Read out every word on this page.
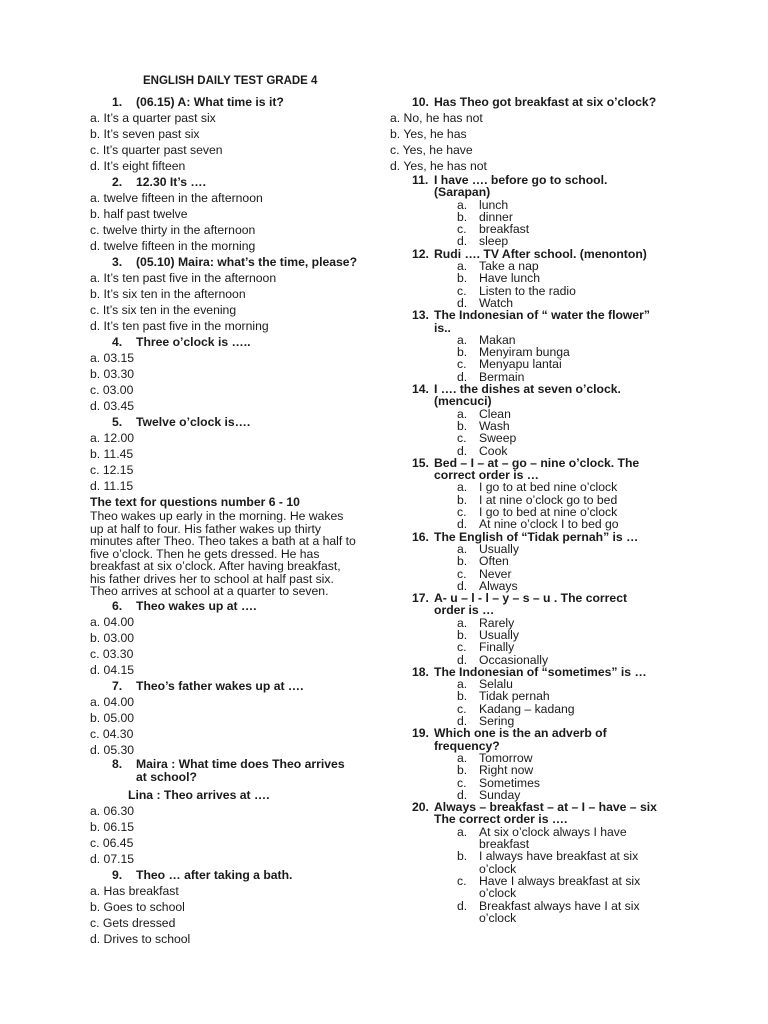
ENGLISH DAILY TEST GRADE 4

1. (06.15) A: What time is it?

a. It’s a quarter past six

b. It’s seven past six

c. It’s quarter past seven

d. It’s eight fifteen

2. 12.30 It’s ….

a. twelve fifteen in the afternoon

b. half past twelve

c. twelve thirty in the afternoon

d. twelve fifteen in the morning

3. (05.10) Maira: what’s the time, please?

a. It’s ten past five in the afternoon

b. It’s six ten in the afternoon

c. It’s six ten in the evening

d. It’s ten past five in the morning

4. Three o’clock is …..

a. 03.15

b. 03.30

c. 03.00

d. 03.45

5. Twelve o’clock is….

a. 12.00

b. 11.45

c. 12.15

d. 11.15

The text for questions number 6 - 10

Theo wakes up early in the morning. He wakes

up at half to four. His father wakes up thirty

minutes after Theo. Theo takes a bath at a half to

five o’clock. Then he gets dressed. He has

breakfast at six o’clock. After having breakfast,

his father drives her to school at half past six.

Theo arrives at school at a quarter to seven.

6. Theo wakes up at ….

a. 04.00

b. 03.00

c. 03.30

d. 04.15

7. Theo’s father wakes up at ….

a. 04.00

b. 05.00

c. 04.30

d. 05.30

8. Maira : What time does Theo arrives

at school?

Lina : Theo arrives at ….

a. 06.30

b. 06.15

c. 06.45

d. 07.15

9. Theo … after taking a bath.

a. Has breakfast

b. Goes to school

c. Gets dressed

d. Drives to school

10. Has Theo got breakfast at six o’clock?

a. No, he has not

b. Yes, he has

c. Yes, he have

d. Yes, he has not

11. I have …. before go to school.

(Sarapan)

a. lunch
b. dinner
c.	breakfast
d. sleep

12. Rudi …. TV After school. (menonton)

a. Take a nap
b. Have lunch
c.	Listen to the radio
d. Watch

13. The Indonesian of “ water the flower”

is..

a. Makan
b. Menyiram bunga
c.	Menyapu lantai
d. Bermain

14. I …. the dishes at seven o’clock.

(mencuci)

a. Clean
b. Wash
c.	Sweep
d. Cook

15. Bed – I – at – go – nine o’clock. The

correct order is …

a. I go to at bed nine o’clock
b. I at nine o’clock go to bed
c.	I go to bed at nine o’clock
d. At nine o’clock I to bed go

16. The English of “Tidak pernah” is …

a. Usually
b. Often
c.	Never
d. Always

17. A- u – l - l – y – s – u . The correct

order is …

a. Rarely
b. Usually
c.	Finally
d. Occasionally

18. The Indonesian of “sometimes” is …

a. Selalu
b. Tidak pernah
c.	Kadang – kadang
d. Sering

19. Which one is the an adverb of

frequency?

a. Tomorrow
b. Right now
c.	Sometimes
d. Sunday

20. Always – breakfast – at – I – have – six

The correct order is ….

a. At six o’clock always I have
breakfast
b. I always have breakfast at six
o’clock
c.	Have I always breakfast at six
o’clock
d. Breakfast always have I at six
o’clock
